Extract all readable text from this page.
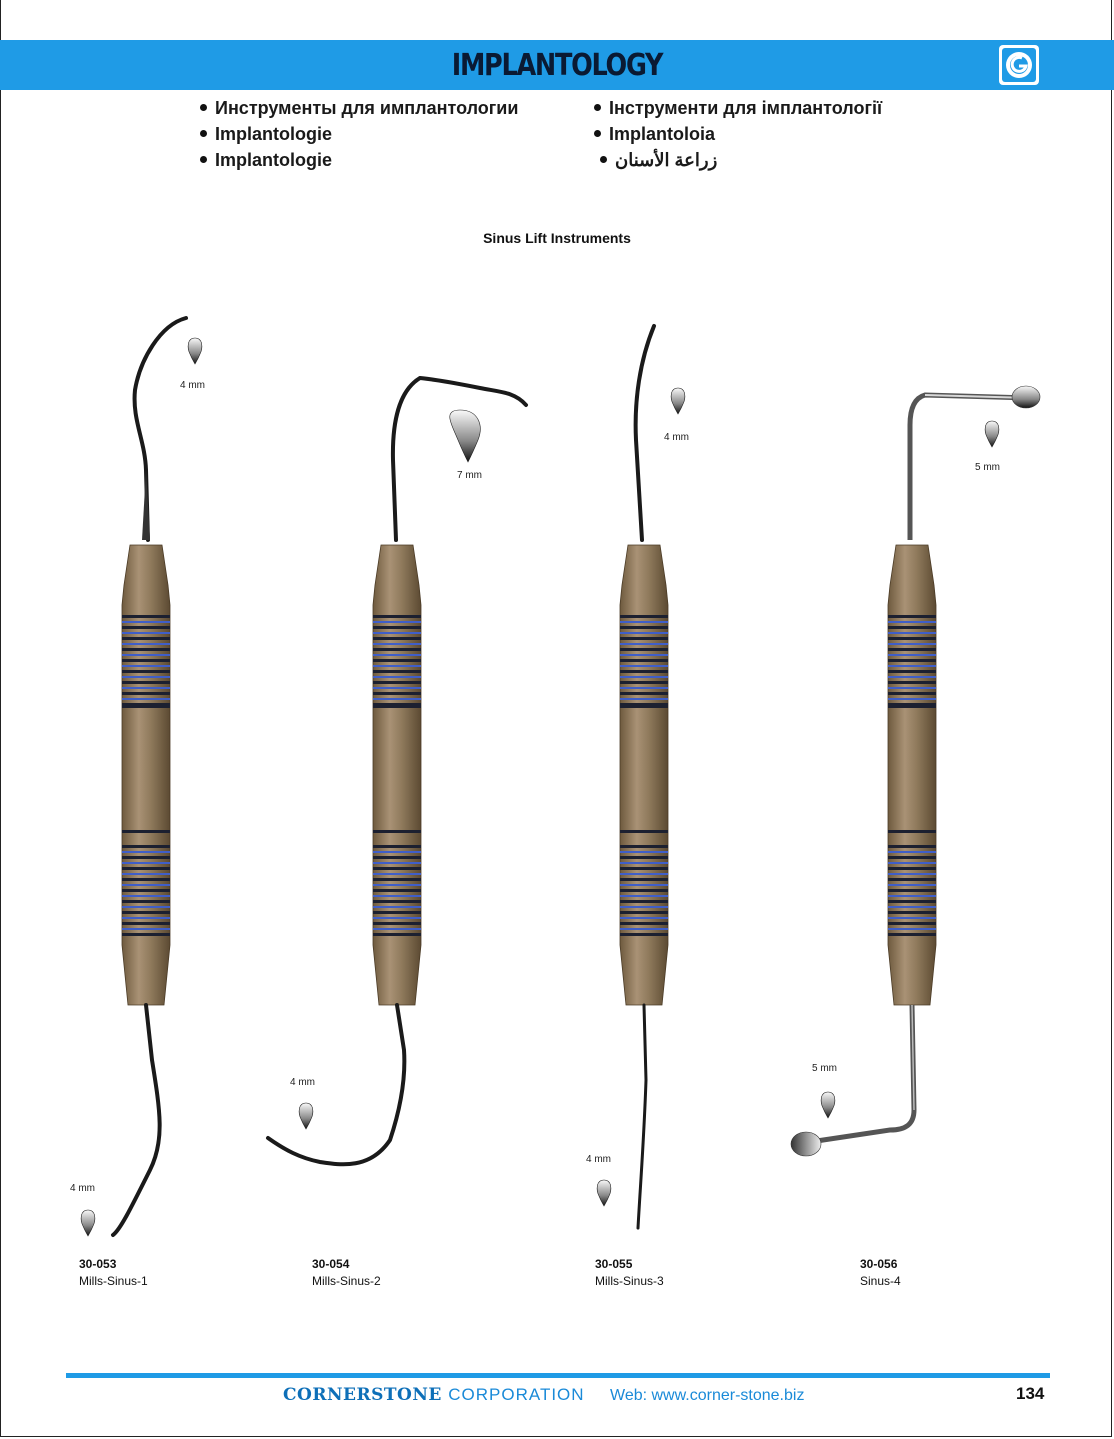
IMPLANTOLOGY
Инструменты для имплантологии
Implantologie
Implantologie
Інструменти для імплантології
Implantoloia
زراعة الأسنان
Sinus Lift Instruments
4 mm
4 mm
7 mm
4 mm
4 mm
4 mm
5 mm
5 mm
30-053
Mills-Sinus-1
30-054
Mills-Sinus-2
30-055
Mills-Sinus-3
30-056
Sinus-4
CORNERSTONE CORPORATION Web: www.corner-stone.biz	134
